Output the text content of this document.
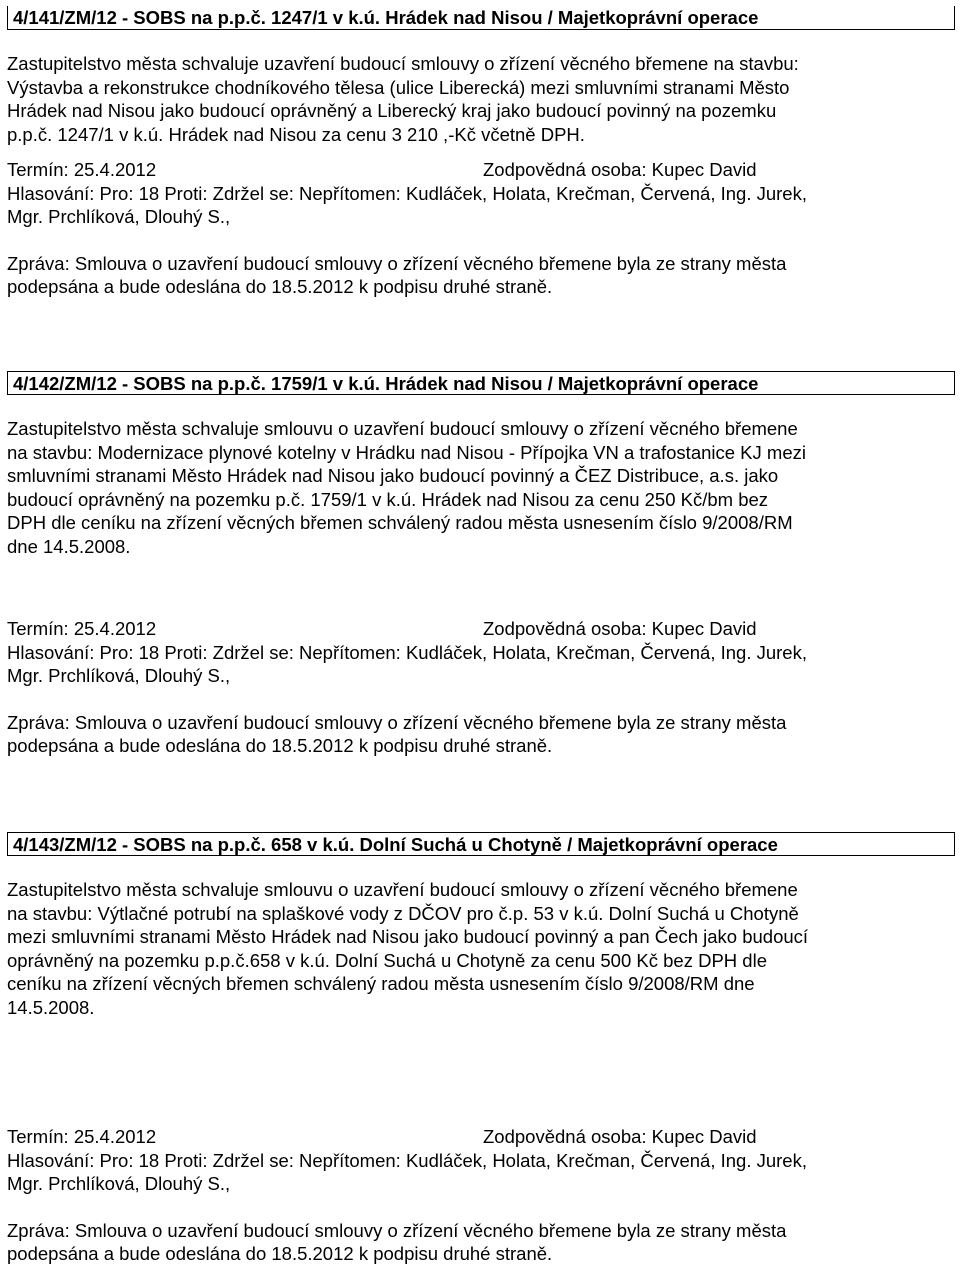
4/141/ZM/12 - SOBS na p.p.č. 1247/1 v k.ú. Hrádek nad Nisou / Majetkoprávní operace
Zastupitelstvo města schvaluje uzavření budoucí smlouvy o zřízení věcného břemene na stavbu:
Výstavba a rekonstrukce chodníkového tělesa (ulice Liberecká) mezi smluvními stranami Město
Hrádek nad Nisou jako budoucí oprávněný a Liberecký kraj jako budoucí povinný na pozemku
p.p.č. 1247/1 v k.ú. Hrádek nad Nisou za cenu 3 210 ,-Kč včetně DPH.
Termín: 25.4.2012	Zodpovědná osoba: Kupec David
Hlasování: Pro: 18 Proti: Zdržel se: Nepřítomen: Kudláček, Holata, Krečman, Červená, Ing. Jurek,
Mgr. Prchlíková, Dlouhý S.,
Zpráva: Smlouva o uzavření budoucí smlouvy o zřízení věcného břemene byla ze strany města
podepsána a bude odeslána do 18.5.2012 k podpisu druhé straně.
4/142/ZM/12 - SOBS na p.p.č. 1759/1 v k.ú. Hrádek nad Nisou / Majetkoprávní operace
Zastupitelstvo města schvaluje smlouvu o uzavření budoucí smlouvy o zřízení věcného břemene
na stavbu: Modernizace plynové kotelny v Hrádku nad Nisou - Přípojka VN a trafostanice KJ mezi
smluvními stranami Město Hrádek nad Nisou jako budoucí povinný a ČEZ Distribuce, a.s. jako
budoucí oprávněný na pozemku p.č. 1759/1 v k.ú. Hrádek nad Nisou za cenu 250 Kč/bm bez
DPH dle ceníku na zřízení věcných břemen schválený radou města usnesením číslo 9/2008/RM
dne 14.5.2008.
Termín: 25.4.2012	Zodpovědná osoba: Kupec David
Hlasování: Pro: 18 Proti: Zdržel se: Nepřítomen: Kudláček, Holata, Krečman, Červená, Ing. Jurek,
Mgr. Prchlíková, Dlouhý S.,
Zpráva: Smlouva o uzavření budoucí smlouvy o zřízení věcného břemene byla ze strany města
podepsána a bude odeslána do 18.5.2012 k podpisu druhé straně.
4/143/ZM/12 - SOBS na p.p.č. 658 v k.ú. Dolní Suchá u Chotyně / Majetkoprávní operace
Zastupitelstvo města schvaluje smlouvu o uzavření budoucí smlouvy o zřízení věcného břemene
na stavbu: Výtlačné potrubí na splaškové vody z DČOV pro č.p. 53 v k.ú. Dolní Suchá u Chotyně
mezi smluvními stranami Město Hrádek nad Nisou jako budoucí povinný a pan Čech jako budoucí
oprávněný na pozemku p.p.č.658 v k.ú. Dolní Suchá u Chotyně za cenu 500 Kč bez DPH dle
ceníku na zřízení věcných břemen schválený radou města usnesením číslo 9/2008/RM dne
14.5.2008.
Termín: 25.4.2012	Zodpovědná osoba: Kupec David
Hlasování: Pro: 18 Proti: Zdržel se: Nepřítomen: Kudláček, Holata, Krečman, Červená, Ing. Jurek,
Mgr. Prchlíková, Dlouhý S.,
Zpráva: Smlouva o uzavření budoucí smlouvy o zřízení věcného břemene byla ze strany města
podepsána a bude odeslána do 18.5.2012 k podpisu druhé straně.
